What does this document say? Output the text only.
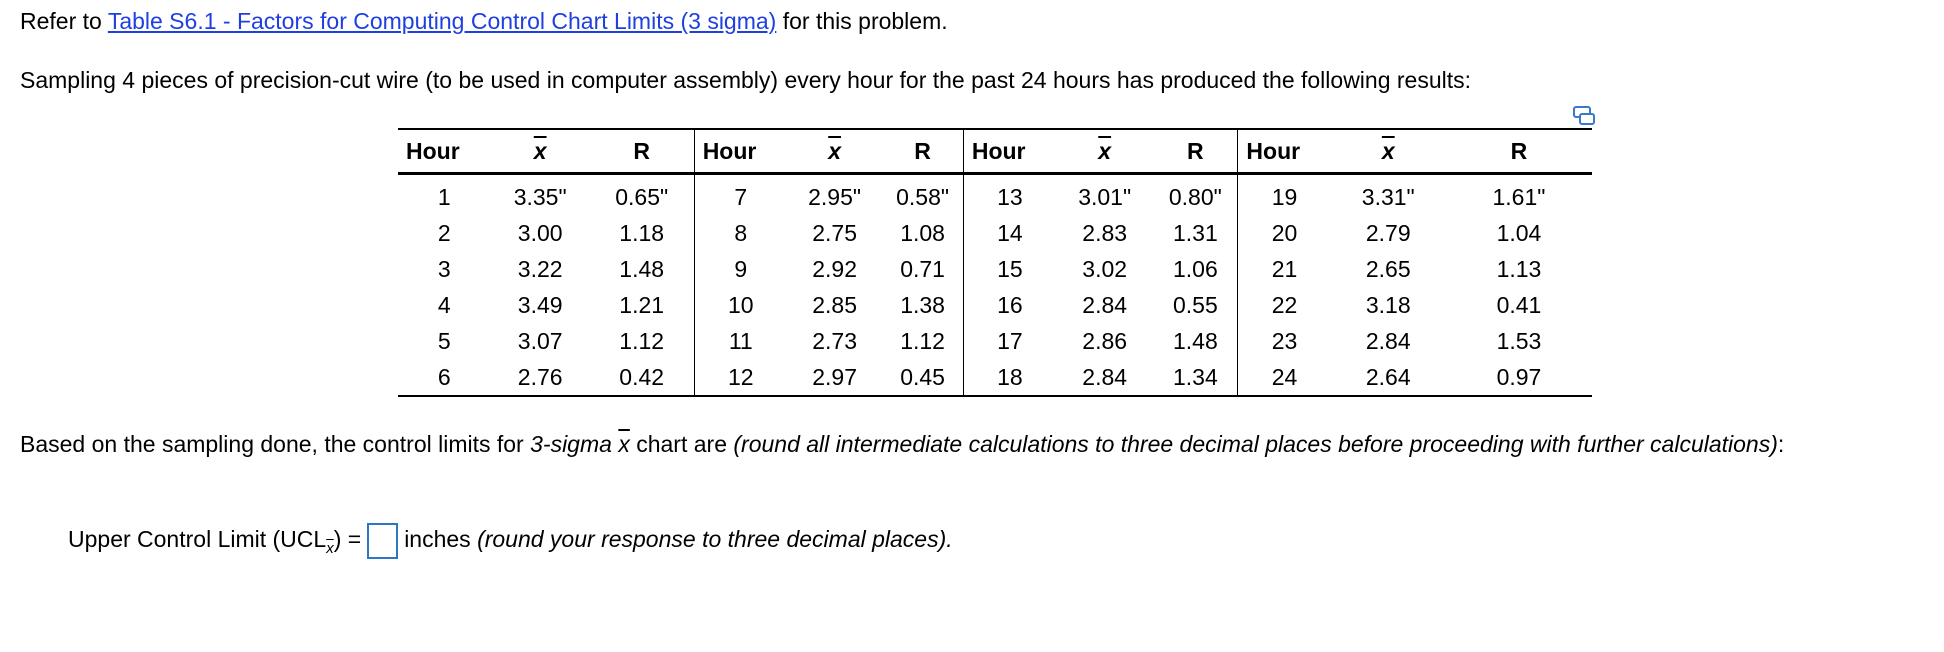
Refer to Table S6.1 - Factors for Computing Control Chart Limits (3 sigma) for this problem.
Sampling 4 pieces of precision-cut wire (to be used in computer assembly) every hour for the past 24 hours has produced the following results:
Hour	$\overline{x}$	R	Hour	$\overline{x}$	R	Hour	$\overline{x}$	R	Hour	$\overline{x}$	R
1	3.35"	0.65"	7	2.95"	0.58"	13	3.01"	0.80"	19	3.31"	1.61"
2	3.00	1.18	8	2.75	1.08	14	2.83	1.31	20	2.79	1.04
3	3.22	1.48	9	2.92	0.71	15	3.02	1.06	21	2.65	1.13
4	3.49	1.21	10	2.85	1.38	16	2.84	0.55	22	3.18	0.41
5	3.07	1.12	11	2.73	1.12	17	2.86	1.48	23	2.84	1.53
6	2.76	0.42	12	2.97	0.45	18	2.84	1.34	24	2.64	0.97
Based on the sampling done, the control limits for 3-sigma $\overline{x}$ chart are (round all intermediate calculations to three decimal places before proceeding with further calculations):
Upper Control Limit $(UCL_{\overline{x}})$ = inches (round your response to three decimal places).
